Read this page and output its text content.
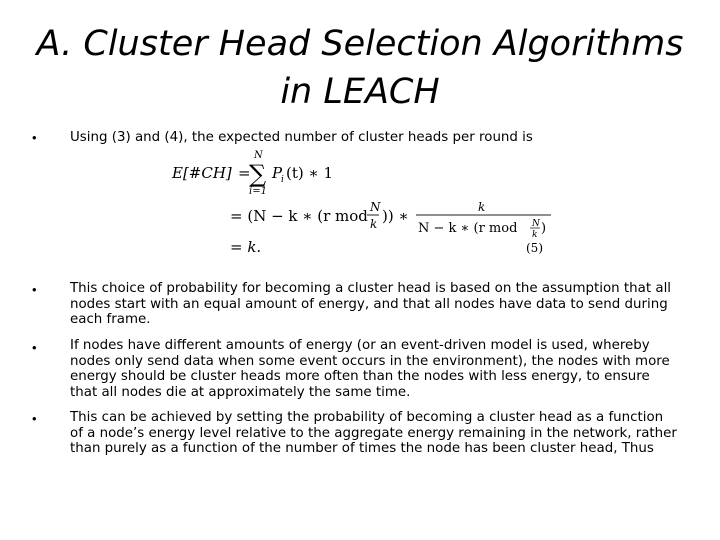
A. Cluster Head Selection Algorithms
in LEACH
• Using (3) and (4), the expected number of cluster heads per round is
E[#CH] =
N
∑
i=1
P
i (t) ∗ 1
= (N − k ∗ (r mod N
k )) ∗	k
N − k ∗ (r mod N
k )
= k.	(5)
• This choice of probability for becoming a cluster head is based on the assumption that all nodes start with an equal amount of energy, and that all nodes have data to send during each frame.
• If nodes have different amounts of energy (or an event-driven model is used, whereby nodes only send data when some event occurs in the environment), the nodes with more energy should be cluster heads more often than the nodes with less energy, to ensure that all nodes die at approximately the same time.
• This can be achieved by setting the probability of becoming a cluster head as a function of a node’s energy level relative to the aggregate energy remaining in the network, rather than purely as a function of the number of times the node has been cluster head, Thus
